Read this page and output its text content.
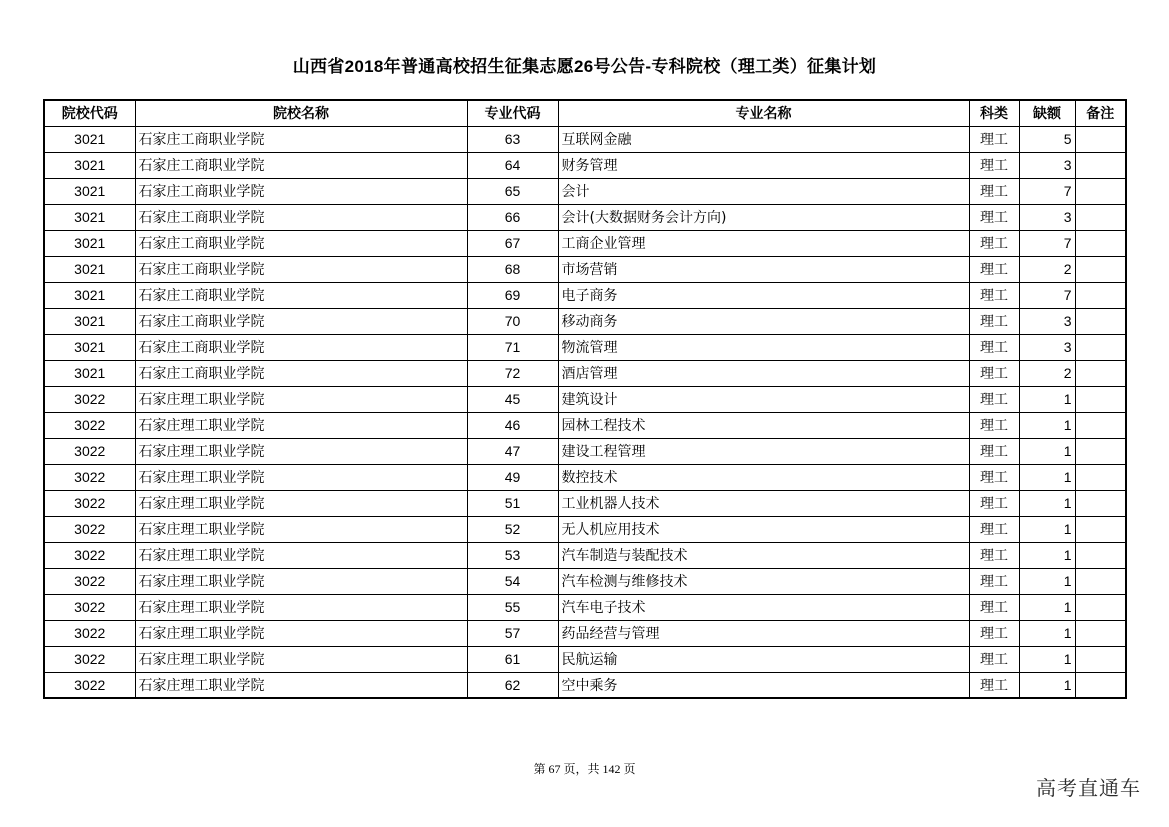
山西省2018年普通高校招生征集志愿26号公告-专科院校（理工类）征集计划
院校代码	院校名称	专业代码	专业名称	科类	缺额	备注
3021	石家庄工商职业学院	63	互联网金融	理工	5	
3021	石家庄工商职业学院	64	财务管理	理工	3	
3021	石家庄工商职业学院	65	会计	理工	7	
3021	石家庄工商职业学院	66	会计(大数据财务会计方向)	理工	3	
3021	石家庄工商职业学院	67	工商企业管理	理工	7	
3021	石家庄工商职业学院	68	市场营销	理工	2	
3021	石家庄工商职业学院	69	电子商务	理工	7	
3021	石家庄工商职业学院	70	移动商务	理工	3	
3021	石家庄工商职业学院	71	物流管理	理工	3	
3021	石家庄工商职业学院	72	酒店管理	理工	2	
3022	石家庄理工职业学院	45	建筑设计	理工	1	
3022	石家庄理工职业学院	46	园林工程技术	理工	1	
3022	石家庄理工职业学院	47	建设工程管理	理工	1	
3022	石家庄理工职业学院	49	数控技术	理工	1	
3022	石家庄理工职业学院	51	工业机器人技术	理工	1	
3022	石家庄理工职业学院	52	无人机应用技术	理工	1	
3022	石家庄理工职业学院	53	汽车制造与装配技术	理工	1	
3022	石家庄理工职业学院	54	汽车检测与维修技术	理工	1	
3022	石家庄理工职业学院	55	汽车电子技术	理工	1	
3022	石家庄理工职业学院	57	药品经营与管理	理工	1	
3022	石家庄理工职业学院	61	民航运输	理工	1	
3022	石家庄理工职业学院	62	空中乘务	理工	1	
第 67 页，共 142 页
高考直通车
